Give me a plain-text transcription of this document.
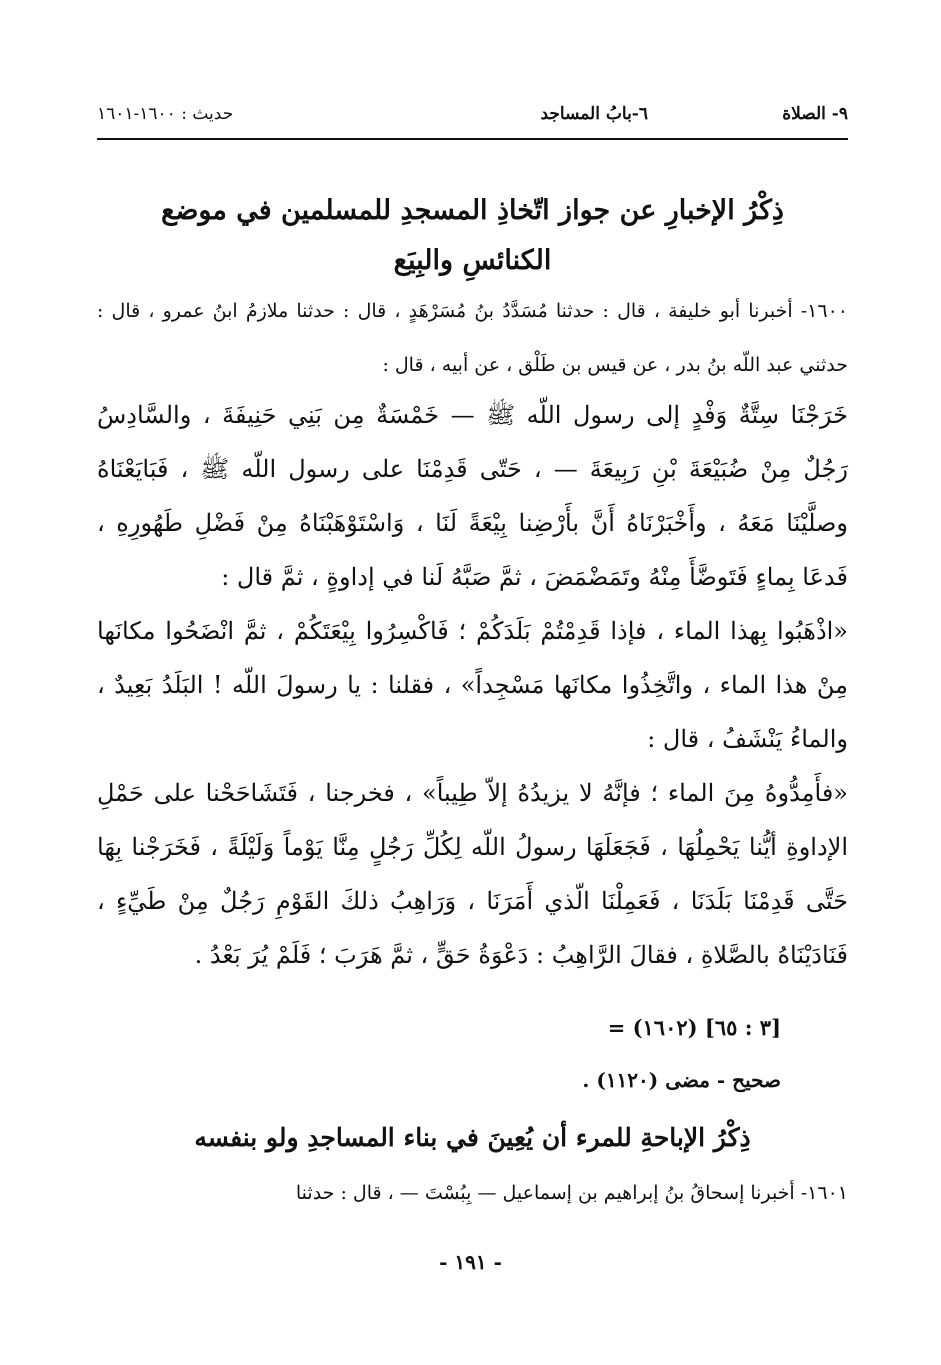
٩- الصلاة
٦-بابُ المساجد
حديث : ١٦٠٠-١٦٠١
ذِكْرُ الإخبارِ عن جواز اتّخاذِ المسجدِ للمسلمين في موضع
الكنائسِ والبِيَع

١٦٠٠- أخبرنا أبو خليفة ، قال : حدثنا مُسَدَّدُ بنُ مُسَرْهَدٍ ، قال : حدثنا ملازمُ ابنُ عمرو ، قال : حدثني عبد اللّه بنُ بدر ، عن قيس بن طَلْق ، عن أبيه ، قال :

خَرَجْنَا سِتَّةٌ وَفْدٍ إلى رسول اللّه ﷺ — خَمْسَةٌ مِن بَنِي حَنِيفَةَ ، والسَّادِسُ رَجُلٌ مِنْ ضُبَيْعَةَ بْنِ رَبِيعَةَ — ، حَتّى قَدِمْنَا على رسول اللّه ﷺ ، فَبَايَعْنَاهُ وصلَّيْنَا مَعَهُ ، وأَخْبَرْنَاهُ أَنَّ بأَرْضِنا بِيْعَةً لَنَا ، وَاسْتَوْهَبْنَاهُ مِنْ فَضْلِ طَهُورِهِ ، فَدعَا بِماءٍ فَتَوضَّأَ مِنْهُ وتَمَضْمَضَ ، ثمَّ صَبَّهُ لَنا في إداوةٍ ، ثمَّ قال :
«اذْهَبُوا بِهذا الماء ، فإذا قَدِمْتُمْ بَلَدَكُمْ ؛ فَاكْسِرُوا بِيْعَتَكُمْ ، ثمَّ انْضَحُوا مكانَها مِنْ هذا الماء ، واتَّخِذُوا مكانَها مَسْجِداً» ، فقلنا : يا رسولَ اللّه ! البَلَدُ بَعِيدٌ ، والماءُ يَنْشَفُ ، قال :
«فأَمِدُّوهُ مِنَ الماء ؛ فإنَّهُ لا يزيدُهُ إلاّ طِيباً» ، فخرجنا ، فَتَشَاحَحْنا على حَمْلِ الإداوةِ أيُّنا يَحْمِلُهَا ، فَجَعَلَهَا رسولُ اللّه لِكُلِّ رَجُلٍ مِنَّا يَوْماً وَلَيْلَةً ، فَخَرَجْنا بِهَا حَتَّى قَدِمْنَا بَلَدَنَا ، فَعَمِلْنَا الّذي أَمَرَنَا ، وَرَاهِبُ ذلكَ القَوْمِ رَجُلٌ مِنْ طَيِّءٍ ، فَنَادَيْنَاهُ بالصَّلاةِ ، فقالَ الرَّاهِبُ : دَعْوَةُ حَقٍّ ، ثمَّ هَرَبَ ؛ فَلَمْ يُرَ بَعْدُ .
= (١٦٠٢) [٣ : ٦٥]
صحيح - مضى (١١٢٠) .
ذِكْرُ الإباحةِ للمرء أن يُعِينَ في بناء المساجدِ ولو بنفسه

١٦٠١- أخبرنا إسحاقُ بنُ إبراهيم بن إسماعيل — بِبُسْتَ — ، قال : حدثنا

- ١٩١ -
